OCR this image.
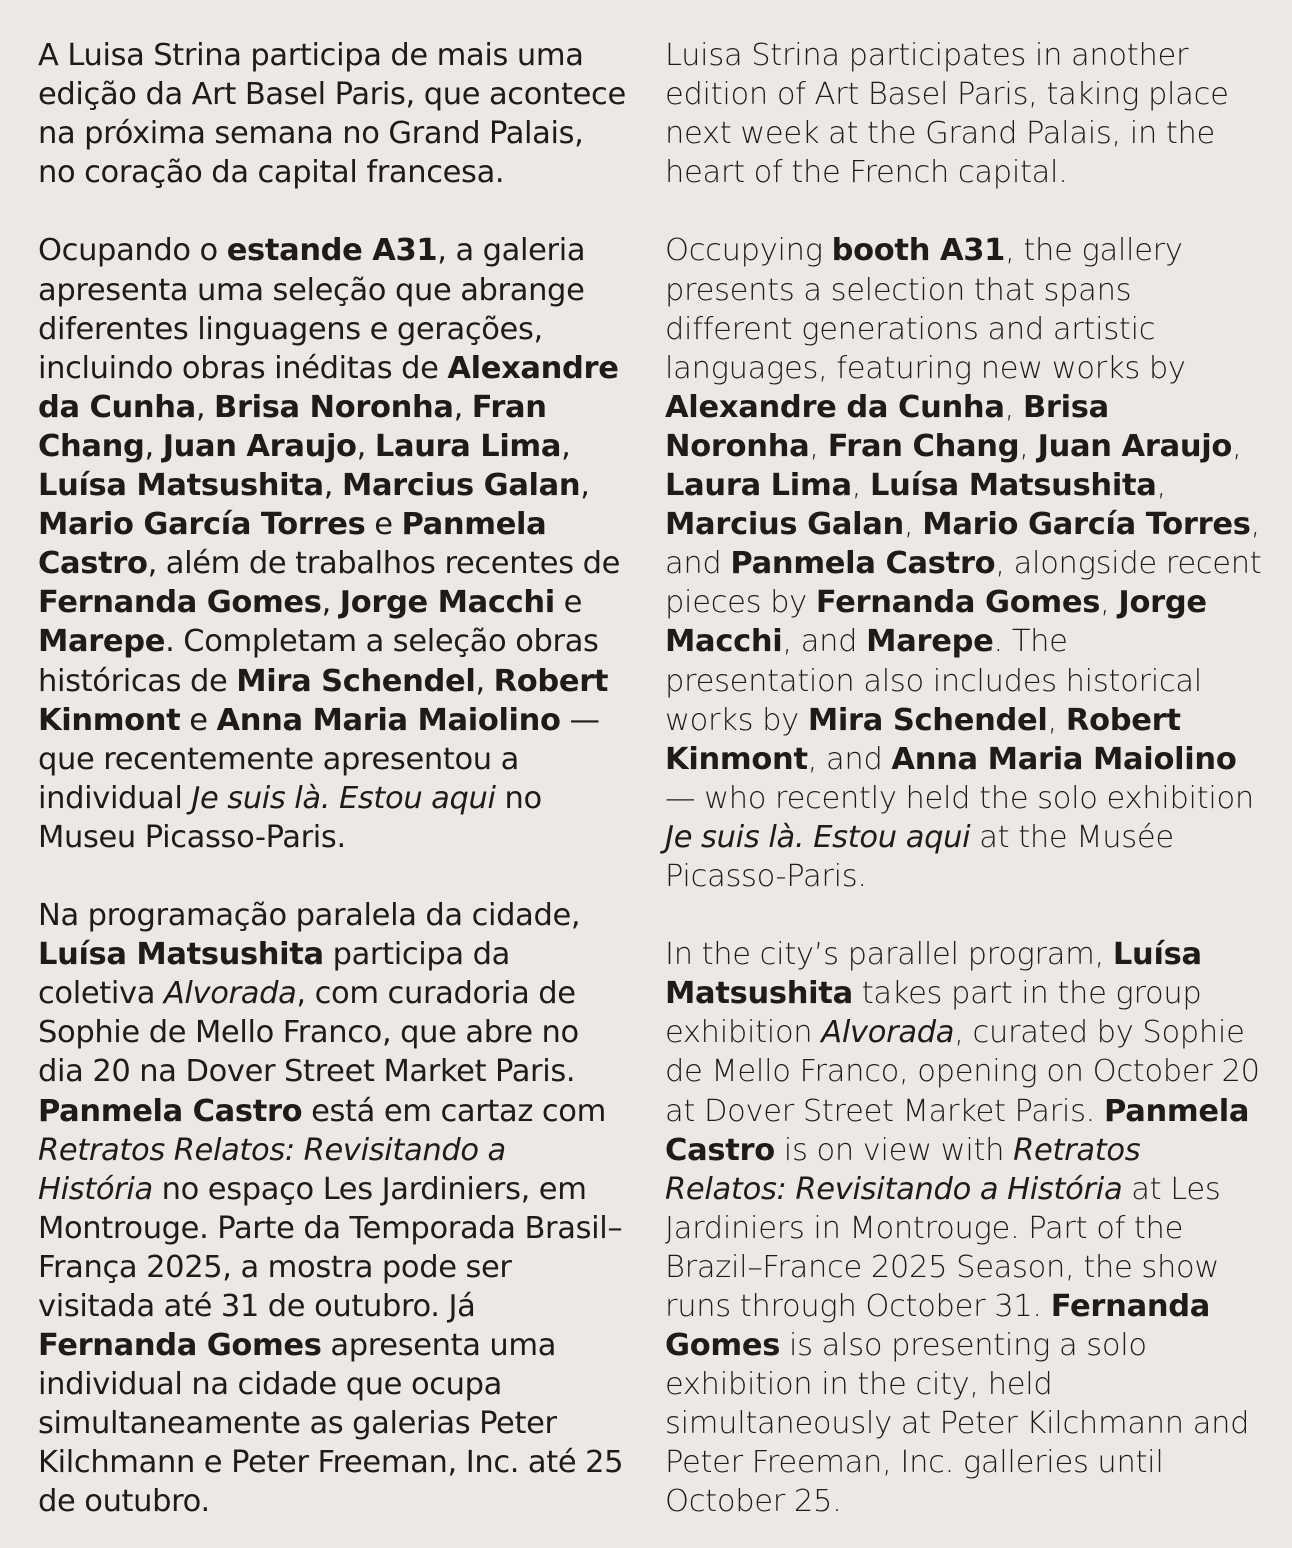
A Luisa Strina participa de mais uma edição da Art Basel Paris, que acontece na próxima semana no Grand Palais, no coração da capital francesa.

Ocupando o estande A31, a galeria apresenta uma seleção que abrange diferentes linguagens e gerações, incluindo obras inéditas de Alexandre da Cunha, Brisa Noronha, Fran Chang, Juan Araujo, Laura Lima, Luísa Matsushita, Marcius Galan, Mario García Torres e Panmela Castro, além de trabalhos recentes de Fernanda Gomes, Jorge Macchi e Marepe. Completam a seleção obras históricas de Mira Schendel, Robert Kinmont e Anna Maria Maiolino — que recentemente apresentou a individual Je suis là. Estou aqui no Museu Picasso-Paris.

Na programação paralela da cidade, Luísa Matsushita participa da coletiva Alvorada, com curadoria de Sophie de Mello Franco, que abre no dia 20 na Dover Street Market Paris. Panmela Castro está em cartaz com Retratos Relatos: Revisitando a História no espaço Les Jardiniers, em Montrouge. Parte da Temporada Brasil–França 2025, a mostra pode ser visitada até 31 de outubro. Já Fernanda Gomes apresenta uma individual na cidade que ocupa simultaneamente as galerias Peter Kilchmann e Peter Freeman, Inc. até 25 de outubro.

Luisa Strina participates in another edition of Art Basel Paris, taking place next week at the Grand Palais, in the heart of the French capital.

Occupying booth A31, the gallery presents a selection that spans different generations and artistic languages, featuring new works by Alexandre da Cunha, Brisa Noronha, Fran Chang, Juan Araujo, Laura Lima, Luísa Matsushita, Marcius Galan, Mario García Torres, and Panmela Castro, alongside recent pieces by Fernanda Gomes, Jorge Macchi, and Marepe. The presentation also includes historical works by Mira Schendel, Robert Kinmont, and Anna Maria Maiolino — who recently held the solo exhibition Je suis là. Estou aqui at the Musée Picasso-Paris.

In the city’s parallel program, Luísa Matsushita takes part in the group exhibition Alvorada, curated by Sophie de Mello Franco, opening on October 20 at Dover Street Market Paris. Panmela Castro is on view with Retratos Relatos: Revisitando a História at Les Jardiniers in Montrouge. Part of the Brazil–France 2025 Season, the show runs through October 31. Fernanda Gomes is also presenting a solo exhibition in the city, held simultaneously at Peter Kilchmann and Peter Freeman, Inc. galleries until October 25.
